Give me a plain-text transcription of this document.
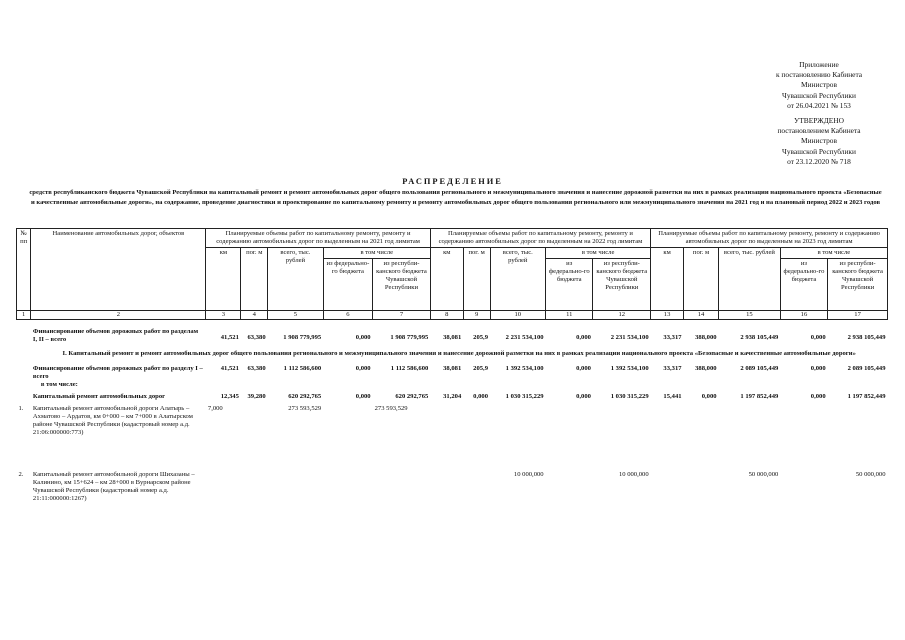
Приложение
к постановлению Кабинета Министров
Чувашской Республики
от 26.04.2021 № 153
УТВЕРЖДЕНО
постановлением Кабинета Министров
Чувашской Республики
от 23.12.2020 № 718
РАСПРЕДЕЛЕНИЕ
средств республиканского бюджета Чувашской Республики на капитальный ремонт и ремонт автомобильных дорог общего пользования регионального и межмуниципального значения и нанесение дорожной разметки на них в рамках реализации национального проекта «Безопасные и качественные автомобильные дороги», на содержание, проведение диагностики и проектирование по капитальному ремонту и ремонту автомобильных дорог общего пользования регионального или межмуниципального значения на 2021 год и на плановый период 2022 и 2023 годов
№ пп	Наименование автомобильных дорог, объектов	Планируемые объемы работ по капитальному ремонту, ремонту и содержанию автомобильных дорог по выделенным на 2021 год лимитам					Планируемые объемы работ по капитальному ремонту, ремонту и содержанию автомобильных дорог по выделенным на 2022 год лимитам					Планируемые объемы работ по капитальному ремонту, ремонту и содержанию автомобильных дорог по выделенным на 2023 год лимитам				
		км	пог. м	всего, тыс. рублей	в том числе		км	пог. м	всего, тыс. рублей	в том числе		км	пог. м	всего, тыс. рублей	в том числе	
					из федерально-го бюджета	из республи-канского бюджета Чувашской Республики				из федерально-го бюджета	из республи-канского бюджета Чувашской Республики				из федерально-го бюджета	из республи-канского бюджета Чувашской Республики
1	2	3	4	5	6	7	8	9	10	11	12	13	14	15	16	17
	Финансирование объемов дорожных работ по разделам I, II – всего	41,521	63,380	1 908 779,995	0,000	1 908 779,995	38,081	205,9	2 231 534,100	0,000	2 231 534,100	33,317	388,000	2 938 105,449	0,000	2 938 105,449
	I. Капитальный ремонт и ремонт автомобильных дорог общего пользования регионального и межмуниципального значения и нанесение дорожной разметки на них в рамках реализации национального проекта «Безопасные и качественные автомобильные дороги»															
	Финансирование объемов дорожных работ по разделу I – всего
в том числе:	41,521	63,380	1 112 586,600	0,000	1 112 586,600	38,081	205,9	1 392 534,100	0,000	1 392 534,100	33,317	388,000	2 089 105,449	0,000	2 089 105,449
	Капитальный ремонт автомобильных дорог	12,345	39,280	620 292,765	0,000	620 292,765	31,204	0,000	1 030 315,229	0,000	1 030 315,229	15,441	0,000	1 197 852,449	0,000	1 197 852,449
1.	Капитальный ремонт автомобильной дороги Алатырь – Ахматово – Ардатов, км 0+000 – км 7+000 в Алатырском районе Чувашской Республики (кадастровый номер а.д. 21:06:000000:773)	7,000		273 593,529		273 593,529										
2.	Капитальный ремонт автомобильной дороги Шихазаны – Калинино, км 15+624 – км 28+000 в Вурнарском районе Чувашской Республики (кадастровый номер а.д. 21:11:000000:1267)								10 000,000		10 000,000			50 000,000		50 000,000
